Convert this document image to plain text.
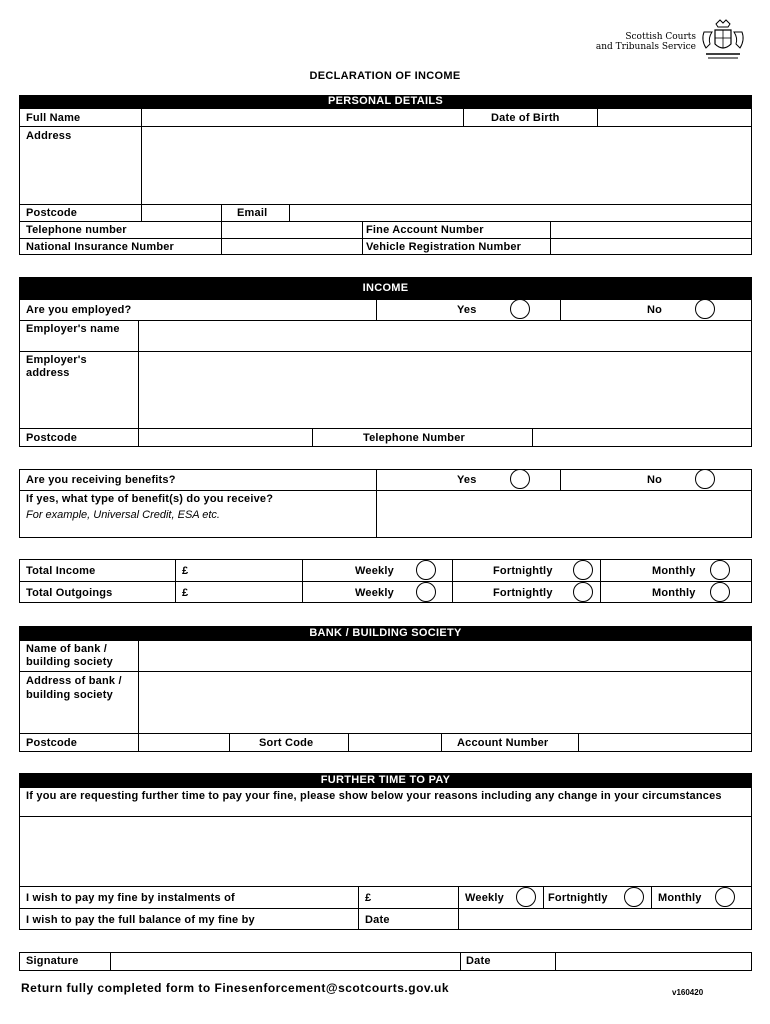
Scottish Courts
and Tribunals Service
DECLARATION OF INCOME
PERSONAL DETAILS
Full Name	Date of Birth
Address
Postcode	Email
Telephone number	Fine Account Number
National Insurance Number	Vehicle Registration Number
INCOME
Are you employed?	Yes	No
Employer's name
Employer's address
Postcode	Telephone Number
Are you receiving benefits?	Yes	No
If yes, what type of benefit(s) do you receive?
For example, Universal Credit, ESA etc.
Total Income	£	Weekly	Fortnightly	Monthly
Total Outgoings	£	Weekly	Fortnightly	Monthly
BANK / BUILDING SOCIETY
Name of bank / building society
Address of bank / building society
Postcode	Sort Code	Account Number
FURTHER TIME TO PAY
If you are requesting further time to pay your fine, please show below your reasons including any change in your circumstances
I wish to pay my fine by instalments of	£	Weekly	Fortnightly	Monthly
I wish to pay the full balance of my fine by	Date
Signature	Date
Return fully completed form to Finesenforcement@scotcourts.gov.uk	v160420
